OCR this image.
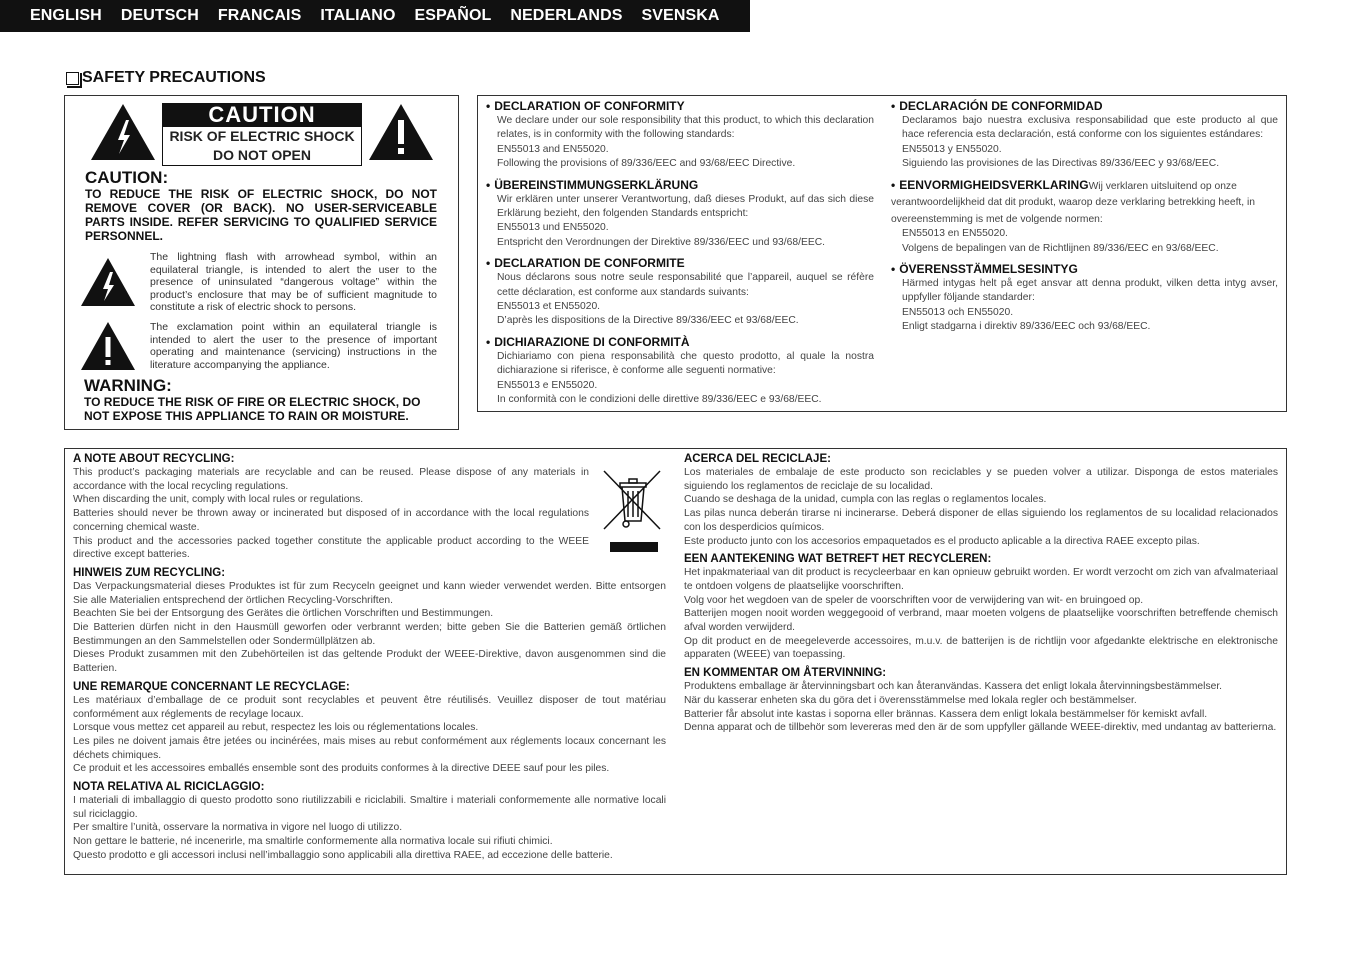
ENGLISH DEUTSCH FRANCAIS ITALIANO ESPAÑOL NEDERLANDS SVENSKA
SAFETY PRECAUTIONS
CAUTION
RISK OF ELECTRIC SHOCK
DO NOT OPEN
CAUTION:
TO REDUCE THE RISK OF ELECTRIC SHOCK, DO NOT REMOVE COVER (OR BACK). NO USER-SERVICEABLE PARTS INSIDE. REFER SERVICING TO QUALIFIED SERVICE PERSONNEL.
The lightning flash with arrowhead symbol, within an equilateral triangle, is intended to alert the user to the presence of uninsulated “dangerous voltage” within the product’s enclosure that may be of sufficient magnitude to constitute a risk of electric shock to persons.
The exclamation point within an equilateral triangle is intended to alert the user to the presence of important operating and maintenance (servicing) instructions in the literature accompanying the appliance.
WARNING:
TO REDUCE THE RISK OF FIRE OR ELECTRIC SHOCK, DO NOT EXPOSE THIS APPLIANCE TO RAIN OR MOISTURE.
• DECLARATION OF CONFORMITY

We declare under our sole responsibility that this product, to which this declaration relates, is in conformity with the following standards:

EN55013 and EN55020.

Following the provisions of 89/336/EEC and 93/68/EEC Directive.

• ÜBEREINSTIMMUNGSERKLÄRUNG

Wir erklären unter unserer Verantwortung, daß dieses Produkt, auf das sich diese Erklärung bezieht, den folgenden Standards entspricht:

EN55013 und EN55020.

Entspricht den Verordnungen der Direktive 89/336/EEC und 93/68/EEC.

• DECLARATION DE CONFORMITE

Nous déclarons sous notre seule responsabilité que l’appareil, auquel se réfère cette déclaration, est conforme aux standards suivants:

EN55013 et EN55020.

D’après les dispositions de la Directive 89/336/EEC et 93/68/EEC.

• DICHIARAZIONE DI CONFORMITÀ

Dichiariamo con piena responsabilità che questo prodotto, al quale la nostra dichiarazione si riferisce, è conforme alle seguenti normative:

EN55013 e EN55020.

In conformità con le condizioni delle direttive 89/336/EEC e 93/68/EEC.

• DECLARACIÓN DE CONFORMIDAD

Declaramos bajo nuestra exclusiva responsabilidad que este producto al que hace referencia esta declaración, está conforme con los siguientes estándares:

EN55013 y EN55020.

Siguiendo las provisiones de las Directivas 89/336/EEC y 93/68/EEC.

• EENVORMIGHEIDSVERKLARINGWij verklaren uitsluitend op onze verantwoordelijkheid dat dit produkt, waarop deze verklaring betrekking heeft, in overeenstemming is met de volgende normen:

EN55013 en EN55020.

Volgens de bepalingen van de Richtlijnen 89/336/EEC en 93/68/EEC.

• ÖVERENSSTÄMMELSESINTYG

Härmed intygas helt på eget ansvar att denna produkt, vilken detta intyg avser, uppfyller följande standarder:

EN55013 och EN55020.

Enligt stadgarna i direktiv 89/336/EEC och 93/68/EEC.

A NOTE ABOUT RECYCLING:

This product’s packaging materials are recyclable and can be reused. Please dispose of any materials in accordance with the local recycling regulations.

When discarding the unit, comply with local rules or regulations.

Batteries should never be thrown away or incinerated but disposed of in accordance with the local regulations concerning chemical waste.

This product and the accessories packed together constitute the applicable product according to the WEEE directive except batteries.

HINWEIS ZUM RECYCLING:

Das Verpackungsmaterial dieses Produktes ist für zum Recyceln geeignet und kann wieder verwendet werden. Bitte entsorgen Sie alle Materialien entsprechend der örtlichen Recycling-Vorschriften.

Beachten Sie bei der Entsorgung des Gerätes die örtlichen Vorschriften und Bestimmungen.

Die Batterien dürfen nicht in den Hausmüll geworfen oder verbrannt werden; bitte geben Sie die Batterien gemäß örtlichen Bestimmungen an den Sammelstellen oder Sondermüllplätzen ab.

Dieses Produkt zusammen mit den Zubehörteilen ist das geltende Produkt der WEEE-Direktive, davon ausgenommen sind die Batterien.

UNE REMARQUE CONCERNANT LE RECYCLAGE:

Les matériaux d’emballage de ce produit sont recyclables et peuvent être réutilisés. Veuillez disposer de tout matériau conformément aux réglements de recylage locaux.

Lorsque vous mettez cet appareil au rebut, respectez les lois ou réglementations locales.

Les piles ne doivent jamais être jetées ou incinérées, mais mises au rebut conformément aux réglements locaux concernant les déchets chimiques.

Ce produit et les accessoires emballés ensemble sont des produits conformes à la directive DEEE sauf pour les piles.

NOTA RELATIVA AL RICICLAGGIO:

I materiali di imballaggio di questo prodotto sono riutilizzabili e riciclabili. Smaltire i materiali conformemente alle normative locali sul riciclaggio.

Per smaltire l’unità, osservare la normativa in vigore nel luogo di utilizzo.

Non gettare le batterie, né incenerirle, ma smaltirle conformemente alla normativa locale sui rifiuti chimici.

Questo prodotto e gli accessori inclusi nell’imballaggio sono applicabili alla direttiva RAEE, ad eccezione delle batterie.

ACERCA DEL RECICLAJE:

Los materiales de embalaje de este producto son reciclables y se pueden volver a utilizar. Disponga de estos materiales siguiendo los reglamentos de reciclaje de su localidad.

Cuando se deshaga de la unidad, cumpla con las reglas o reglamentos locales.

Las pilas nunca deberán tirarse ni incinerarse. Deberá disponer de ellas siguiendo los reglamentos de su localidad relacionados con los desperdicios químicos.

Este producto junto con los accesorios empaquetados es el producto aplicable a la directiva RAEE excepto pilas.

EEN AANTEKENING WAT BETREFT HET RECYCLEREN:

Het inpakmateriaal van dit product is recycleerbaar en kan opnieuw gebruikt worden. Er wordt verzocht om zich van afvalmateriaal te ontdoen volgens de plaatselijke voorschriften.

Volg voor het wegdoen van de speler de voorschriften voor de verwijdering van wit- en bruingoed op.

Batterijen mogen nooit worden weggegooid of verbrand, maar moeten volgens de plaatselijke voorschriften betreffende chemisch afval worden verwijderd.

Op dit product en de meegeleverde accessoires, m.u.v. de batterijen is de richtlijn voor afgedankte elektrische en elektronische apparaten (WEEE) van toepassing.

EN KOMMENTAR OM ÅTERVINNING:

Produktens emballage är återvinningsbart och kan återanvändas. Kassera det enligt lokala återvinningsbestämmelser.

När du kasserar enheten ska du göra det i överensstämmelse med lokala regler och bestämmelser.

Batterier får absolut inte kastas i soporna eller brännas. Kassera dem enligt lokala bestämmelser för kemiskt avfall.

Denna apparat och de tillbehör som levereras med den är de som uppfyller gällande WEEE-direktiv, med undantag av batterierna.
